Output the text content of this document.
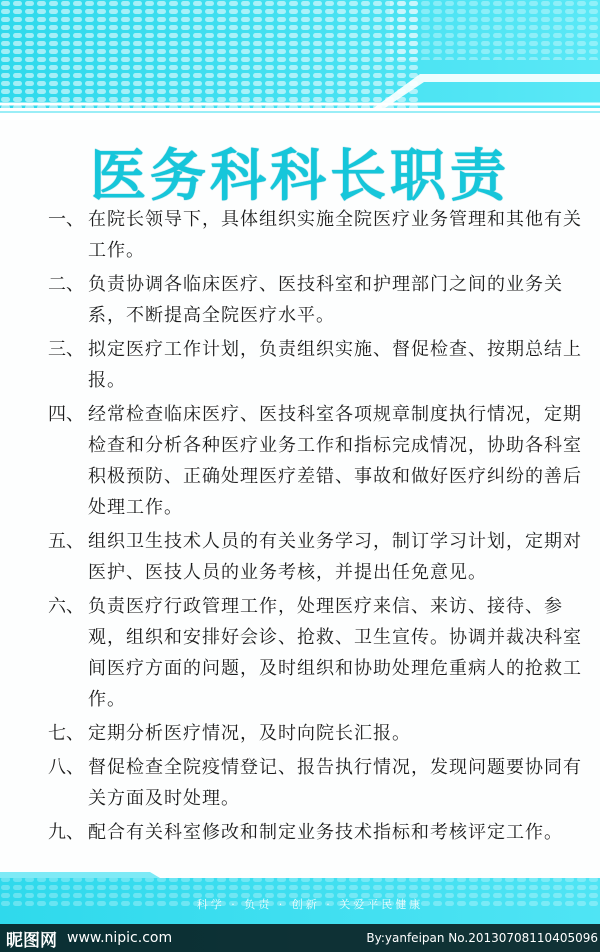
医务科科长职责
一、 在院长领导下，具体组织实施全院医疗业务管理和其他有关工作。
二、 负责协调各临床医疗、医技科室和护理部门之间的业务关系，不断提高全院医疗水平。
三、 拟定医疗工作计划，负责组织实施、督促检查、按期总结上报。
四、 经常检查临床医疗、医技科室各项规章制度执行情况，定期检查和分析各种医疗业务工作和指标完成情况，协助各科室积极预防、正确处理医疗差错、事故和做好医疗纠纷的善后处理工作。
五、 组织卫生技术人员的有关业务学习，制订学习计划，定期对医护、医技人员的业务考核，并提出任免意见。
六、 负责医疗行政管理工作，处理医疗来信、来访、接待、参观，组织和安排好会诊、抢救、卫生宣传。协调并裁决科室间医疗方面的问题，及时组织和协助处理危重病人的抢救工作。
七、 定期分析医疗情况，及时向院长汇报。
八、 督促检查全院疫情登记、报告执行情况，发现问题要协同有关方面及时处理。
九、 配合有关科室修改和制定业务技术指标和考核评定工作。
科学 · 负责 · 创新 · 关爱平民健康
昵图网 www.nipic.com	By:yanfeipan No.20130708110405096
